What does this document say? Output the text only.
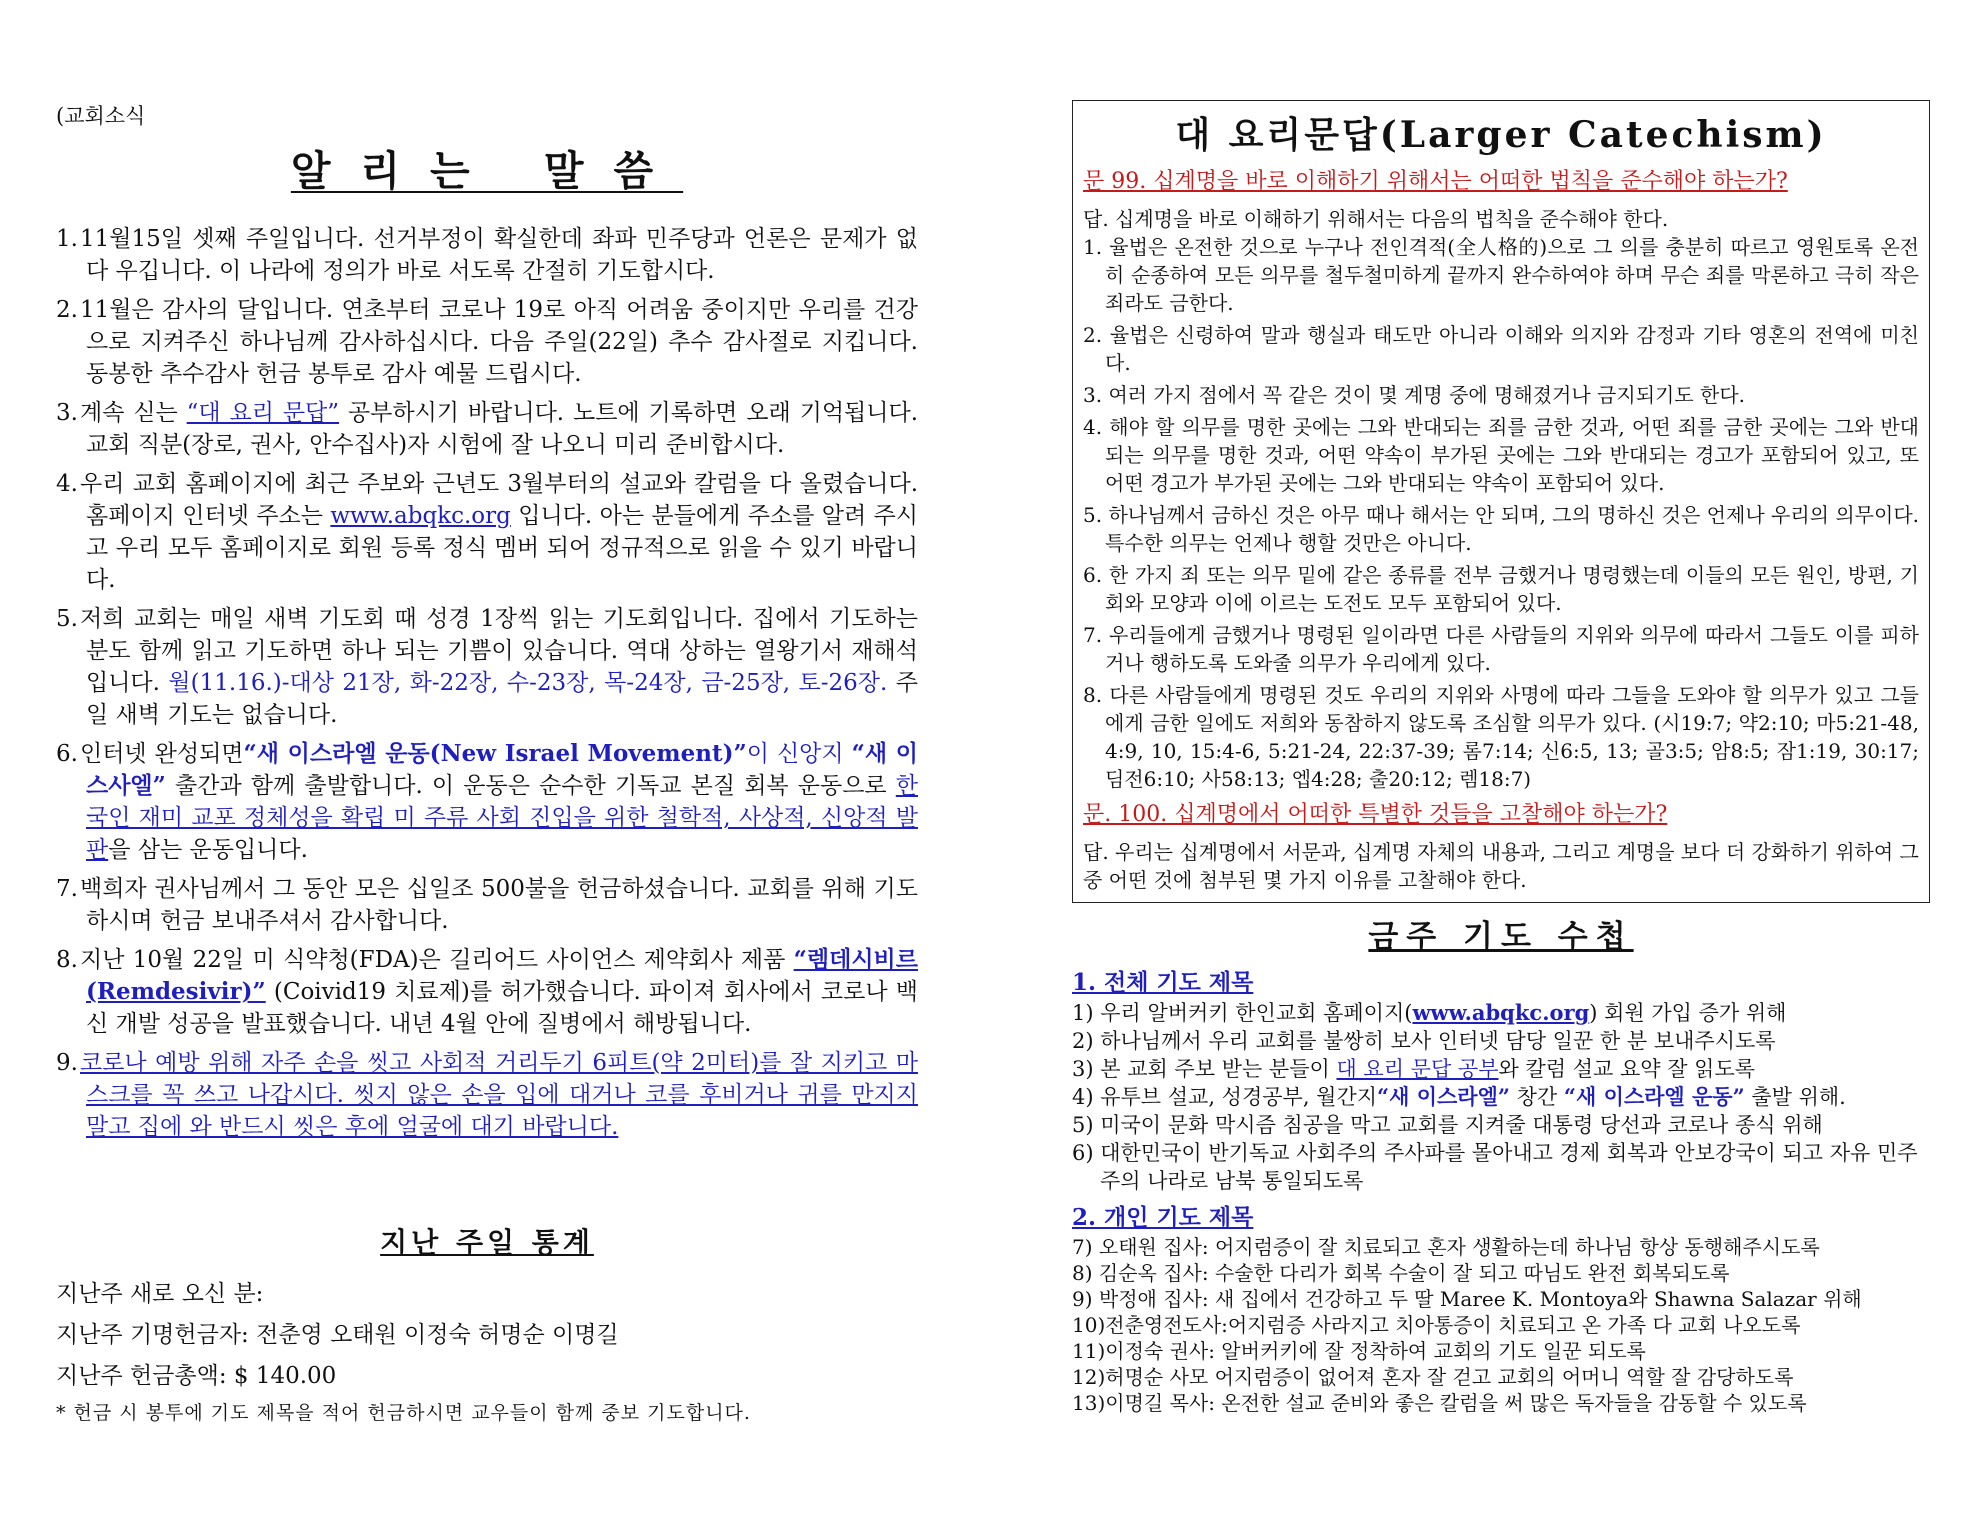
(교회소식

알리는 말씀

1.11월15일 셋째 주일입니다. 선거부정이 확실한데 좌파 민주당과 언론은 문제가 없다 우깁니다. 이 나라에 정의가 바로 서도록 간절히 기도합시다.

2.11월은 감사의 달입니다. 연초부터 코로나 19로 아직 어려움 중이지만 우리를 건강으로 지켜주신 하나님께 감사하십시다. 다음 주일(22일) 추수 감사절로 지킵니다. 동봉한 추수감사 헌금 봉투로 감사 예물 드립시다.

3.계속 싣는 “대 요리 문답” 공부하시기 바랍니다. 노트에 기록하면 오래 기억됩니다. 교회 직분(장로, 권사, 안수집사)자 시험에 잘 나오니 미리 준비합시다.

4.우리 교회 홈페이지에 최근 주보와 근년도 3월부터의 설교와 칼럼을 다 올렸습니다. 홈페이지 인터넷 주소는 www.abqkc.org 입니다. 아는 분들에게 주소를 알려 주시고 우리 모두 홈페이지로 회원 등록 정식 멤버 되어 정규적으로 읽을 수 있기 바랍니다.

5.저희 교회는 매일 새벽 기도회 때 성경 1장씩 읽는 기도회입니다. 집에서 기도하는 분도 함께 읽고 기도하면 하나 되는 기쁨이 있습니다. 역대 상하는 열왕기서 재해석입니다. 월(11.16.)-대상 21장, 화-22장, 수-23장, 목-24장, 금-25장, 토-26장. 주일 새벽 기도는 없습니다.

6.인터넷 완성되면“새 이스라엘 운동(New Israel Movement)”이 신앙지 “새 이스사엘” 출간과 함께 출발합니다. 이 운동은 순수한 기독교 본질 회복 운동으로 한국인 재미 교포 정체성을 확립 미 주류 사회 진입을 위한 철학적, 사상적, 신앙적 발판을 삼는 운동입니다.

7.백희자 권사님께서 그 동안 모은 십일조 500불을 헌금하셨습니다. 교회를 위해 기도하시며 헌금 보내주셔서 감사합니다.

8.지난 10월 22일 미 식약청(FDA)은 길리어드 사이언스 제약회사 제품 “렘데시비르 (Remdesivir)” (Coivid19 치료제)를 허가했습니다. 파이져 회사에서 코로나 백신 개발 성공을 발표했습니다. 내년 4월 안에 질병에서 해방됩니다.

9.코로나 예방 위해 자주 손을 씻고 사회적 거리두기 6피트(약 2미터)를 잘 지키고 마스크를 꼭 쓰고 나갑시다. 씻지 않은 손을 입에 대거나 코를 후비거나 귀를 만지지 말고 집에 와 반드시 씻은 후에 얼굴에 대기 바랍니다.

지난 주일 통계
지난주 새로 오신 분:
지난주 기명헌금자: 전춘영 오태원 이정숙 허명순 이명길
지난주 헌금총액: $ 140.00
* 헌금 시 봉투에 기도 제목을 적어 헌금하시면 교우들이 함께 중보 기도합니다.
대 요리문답(Larger Catechism)
문 99. 십계명을 바로 이해하기 위해서는 어떠한 법칙을 준수해야 하는가?

답. 십계명을 바로 이해하기 위해서는 다음의 법칙을 준수해야 한다.

1. 율법은 온전한 것으로 누구나 전인격적(全人格的)으로 그 의를 충분히 따르고 영원토록 온전히 순종하여 모든 의무를 철두철미하게 끝까지 완수하여야 하며 무슨 죄를 막론하고 극히 작은 죄라도 금한다.
2. 율법은 신령하여 말과 행실과 태도만 아니라 이해와 의지와 감정과 기타 영혼의 전역에 미친다.
3. 여러 가지 점에서 꼭 같은 것이 몇 계명 중에 명해졌거나 금지되기도 한다.
4. 해야 할 의무를 명한 곳에는 그와 반대되는 죄를 금한 것과, 어떤 죄를 금한 곳에는 그와 반대되는 의무를 명한 것과, 어떤 약속이 부가된 곳에는 그와 반대되는 경고가 포함되어 있고, 또 어떤 경고가 부가된 곳에는 그와 반대되는 약속이 포함되어 있다.
5. 하나님께서 금하신 것은 아무 때나 해서는 안 되며, 그의 명하신 것은 언제나 우리의 의무이다. 특수한 의무는 언제나 행할 것만은 아니다.
6. 한 가지 죄 또는 의무 밑에 같은 종류를 전부 금했거나 명령했는데 이들의 모든 원인, 방편, 기회와 모양과 이에 이르는 도전도 모두 포함되어 있다.
7. 우리들에게 금했거나 명령된 일이라면 다른 사람들의 지위와 의무에 따라서 그들도 이를 피하거나 행하도록 도와줄 의무가 우리에게 있다.
8. 다른 사람들에게 명령된 것도 우리의 지위와 사명에 따라 그들을 도와야 할 의무가 있고 그들에게 금한 일에도 저희와 동참하지 않도록 조심할 의무가 있다. (시19:7; 약2:10; 마5:21-48, 4:9, 10, 15:4-6, 5:21-24, 22:37-39; 롬7:14; 신6:5, 13; 골3:5; 암8:5; 잠1:19, 30:17; 딤전6:10; 사58:13; 엡4:28; 출20:12; 렘18:7)
문. 100. 십계명에서 어떠한 특별한 것들을 고찰해야 하는가?

답. 우리는 십계명에서 서문과, 십계명 자체의 내용과, 그리고 계명을 보다 더 강화하기 위하여 그 중 어떤 것에 첨부된 몇 가지 이유를 고찰해야 한다.

금주 기도 수첩
1. 전체 기도 제목
1) 우리 알버커키 한인교회 홈페이지(www.abqkc.org) 회원 가입 증가 위해
2) 하나님께서 우리 교회를 불쌍히 보사 인터넷 담당 일꾼 한 분 보내주시도록
3) 본 교회 주보 받는 분들이 대 요리 문답 공부와 칼럼 설교 요약 잘 읽도록
4) 유투브 설교, 성경공부, 월간지“새 이스라엘” 창간 “새 이스라엘 운동” 출발 위해.
5) 미국이 문화 막시즘 침공을 막고 교회를 지켜줄 대통령 당선과 코로나 종식 위해
6) 대한민국이 반기독교 사회주의 주사파를 몰아내고 경제 회복과 안보강국이 되고 자유 민주주의 나라로 남북 통일되도록
2. 개인 기도 제목
7) 오태원 집사: 어지럼증이 잘 치료되고 혼자 생활하는데 하나님 항상 동행해주시도록
8) 김순옥 집사: 수술한 다리가 회복 수술이 잘 되고 따님도 완전 회복되도록
9) 박정애 집사: 새 집에서 건강하고 두 딸 Maree K. Montoya와 Shawna Salazar 위해
10)전춘영전도사:어지럼증 사라지고 치아통증이 치료되고 온 가족 다 교회 나오도록
11)이정숙 권사: 알버커키에 잘 정착하여 교회의 기도 일꾼 되도록
12)허명순 사모 어지럼증이 없어져 혼자 잘 걷고 교회의 어머니 역할 잘 감당하도록
13)이명길 목사: 온전한 설교 준비와 좋은 칼럼을 써 많은 독자들을 감동할 수 있도록
